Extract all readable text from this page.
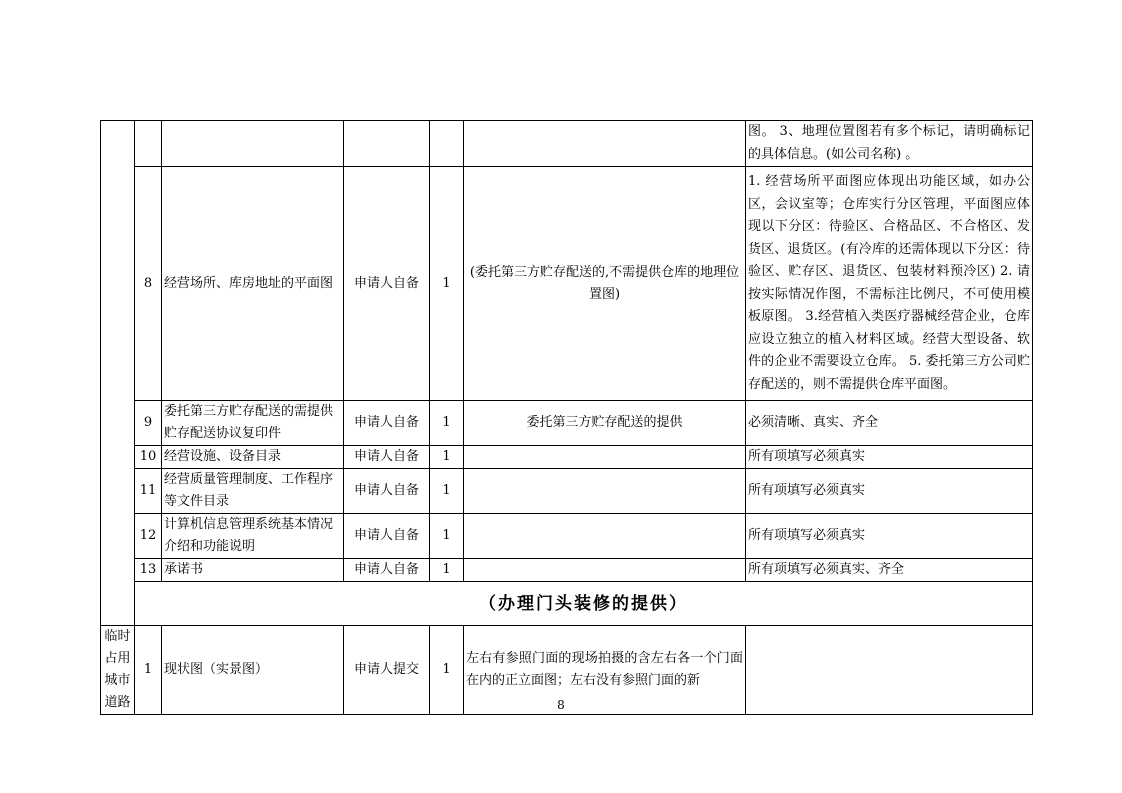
						图。 3、地理位置图若有多个标记，请明确标记的具体信息。(如公司名称) 。
	8	经营场所、库房地址的平面图	申请人自备	1	(委托第三方贮存配送的,不需提供仓库的地理位置图)	1. 经营场所平面图应体现出功能区域，如办公区，会议室等；仓库实行分区管理，平面图应体现以下分区：待验区、合格品区、不合格区、发货区、退货区。(有冷库的还需体现以下分区：待验区、贮存区、退货区、包装材料预冷区) 2. 请按实际情况作图，不需标注比例尺，不可使用模板原图。 3.经营植入类医疗器械经营企业，仓库应设立独立的植入材料区域。经营大型设备、软件的企业不需要设立仓库。 5. 委托第三方公司贮存配送的，则不需提供仓库平面图。
	9	委托第三方贮存配送的需提供贮存配送协议复印件	申请人自备	1	委托第三方贮存配送的提供	必须清晰、真实、齐全
	10	经营设施、设备目录	申请人自备	1		所有项填写必须真实
	11	经营质量管理制度、工作程序等文件目录	申请人自备	1		所有项填写必须真实
	12	计算机信息管理系统基本情况介绍和功能说明	申请人自备	1		所有项填写必须真实
	13	承诺书	申请人自备	1		所有项填写必须真实、齐全
	（办理门头装修的提供）					

临时占用城市道路	1	现状图（实景图）	申请人提交	1	左右有参照门面的现场拍摄的含左右各一个门面在内的正立面图；左右没有参照门面的新	
8
